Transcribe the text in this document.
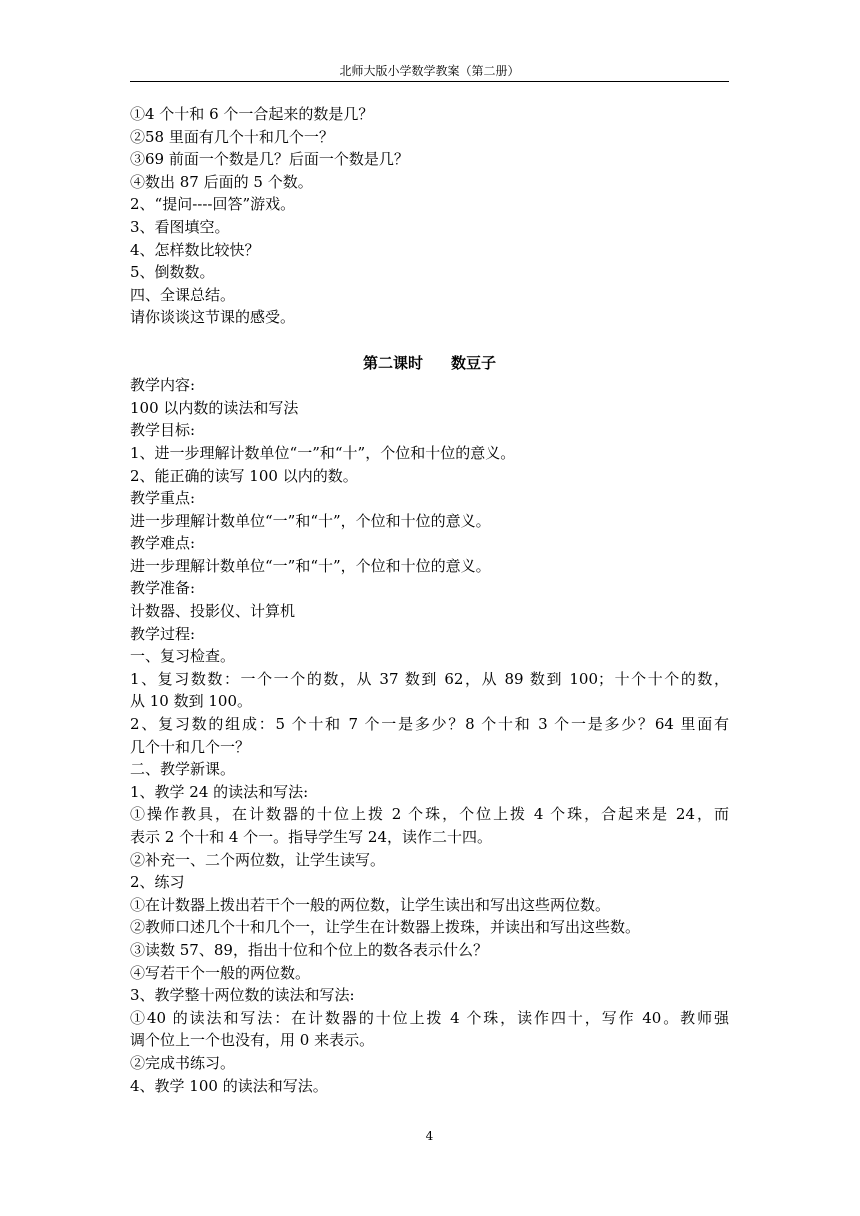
北师大版小学数学教案（第二册）

①4 个十和 6 个一合起来的数是几？

②58 里面有几个十和几个一？

③69 前面一个数是几？后面一个数是几？

④数出 87 后面的 5 个数。

2、“提问----回答”游戏。

3、看图填空。

4、怎样数比较快？

5、倒数数。

四、全课总结。

请你谈谈这节课的感受。

第二课时 数豆子

教学内容:

100 以内数的读法和写法

教学目标:

1、进一步理解计数单位“一”和“十”，个位和十位的意义。

2、能正确的读写 100 以内的数。

教学重点:

进一步理解计数单位“一”和“十”，个位和十位的意义。

教学难点:

进一步理解计数单位“一”和“十”，个位和十位的意义。

教学准备:

计数器、投影仪、计算机

教学过程:

一、复习检查。

1、复习数数：一个一个的数，从 37 数到 62，从 89 数到 100；十个十个的数，

从 10 数到 100。

2、复习数的组成：5 个十和 7 个一是多少？8 个十和 3 个一是多少？64 里面有

几个十和几个一？

二、教学新课。

1、教学 24 的读法和写法:

①操作教具，在计数器的十位上拨 2 个珠，个位上拨 4 个珠，合起来是 24，而

表示 2 个十和 4 个一。指导学生写 24，读作二十四。

②补充一、二个两位数，让学生读写。

2、练习

①在计数器上拨出若干个一般的两位数，让学生读出和写出这些两位数。

②教师口述几个十和几个一，让学生在计数器上拨珠，并读出和写出这些数。

③读数 57、89，指出十位和个位上的数各表示什么？

④写若干个一般的两位数。

3、教学整十两位数的读法和写法:

①40 的读法和写法：在计数器的十位上拨 4 个珠，读作四十，写作 40。教师强

调个位上一个也没有，用 0 来表示。

②完成书练习。

4、教学 100 的读法和写法。

4
